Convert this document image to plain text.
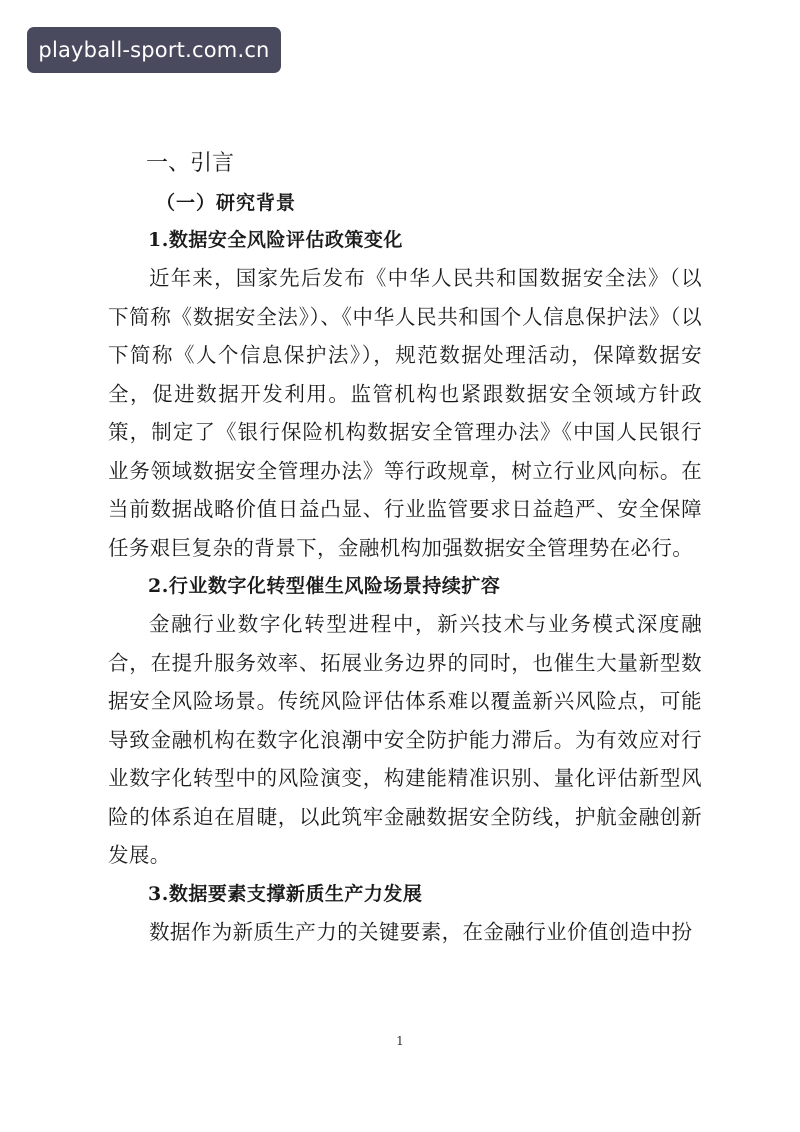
playball-sport.com.cn
一、引言
（一）研究背景
1.数据安全风险评估政策变化

近年来，国家先后发布《中华人民共和国数据安全法》（以下简称《数据安全法》）、《中华人民共和国个人信息保护法》（以下简称《人个信息保护法》），规范数据处理活动，保障数据安全，促进数据开发利用。监管机构也紧跟数据安全领域方针政策，制定了《银行保险机构数据安全管理办法》《中国人民银行业务领域数据安全管理办法》等行政规章，树立行业风向标。在当前数据战略价值日益凸显、行业监管要求日益趋严、安全保障任务艰巨复杂的背景下，金融机构加强数据安全管理势在必行。

2.行业数字化转型催生风险场景持续扩容

金融行业数字化转型进程中，新兴技术与业务模式深度融合，在提升服务效率、拓展业务边界的同时，也催生大量新型数据安全风险场景。传统风险评估体系难以覆盖新兴风险点，可能导致金融机构在数字化浪潮中安全防护能力滞后。为有效应对行业数字化转型中的风险演变，构建能精准识别、量化评估新型风险的体系迫在眉睫，以此筑牢金融数据安全防线，护航金融创新发展。

3.数据要素支撑新质生产力发展

数据作为新质生产力的关键要素，在金融行业价值创造中扮

1
